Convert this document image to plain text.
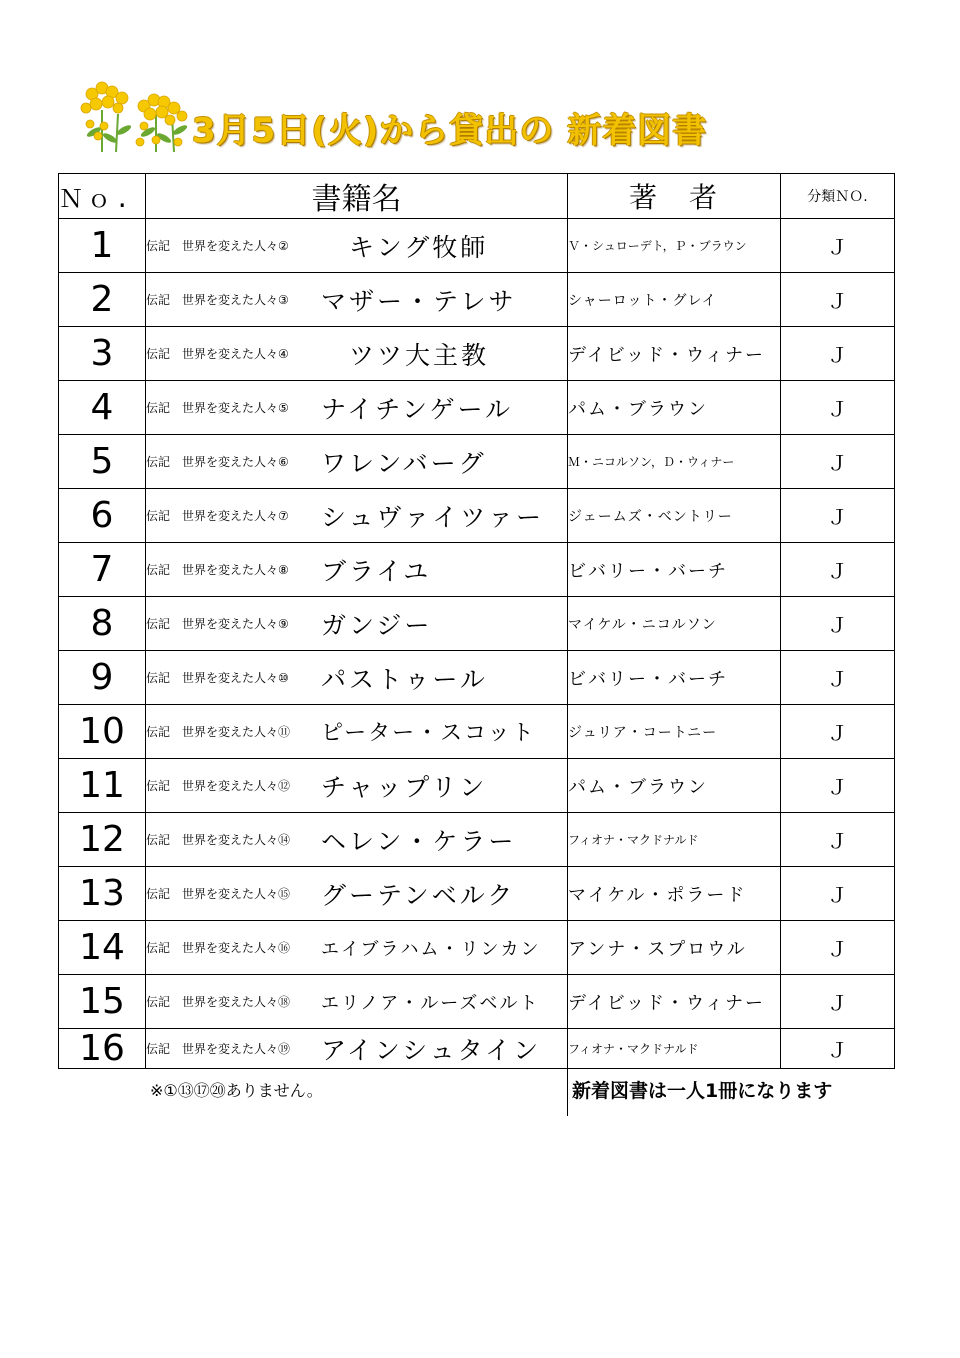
3月5日(火)から貸出の 新着図書
Ｎｏ.	書籍名	著　者	分類ＮＯ.
1	伝記　世界を変えた人々②　キング牧師	Ｖ・シュローデト，Ｐ・ブラウン	Ｊ
2	伝記　世界を変えた人々③ マザー・テレサ	シャーロット・グレイ	Ｊ
3	伝記　世界を変えた人々④　ツツ大主教	デイビッド・ウィナー	Ｊ
4	伝記　世界を変えた人々⑤ ナイチンゲール	パム・ブラウン	Ｊ
5	伝記　世界を変えた人々⑥ ワレンバーグ	Ｍ・ニコルソン，Ｄ・ウィナー	Ｊ
6	伝記　世界を変えた人々⑦ シュヴァイツァー	ジェームズ・ベントリー	Ｊ
7	伝記　世界を変えた人々⑧ ブライユ	ビバリー・バーチ	Ｊ
8	伝記　世界を変えた人々⑨ ガンジー	マイケル・ニコルソン	Ｊ
9	伝記　世界を変えた人々⑩ パストゥール	ビバリー・バーチ	Ｊ
10	伝記　世界を変えた人々⑪ ピーター・スコット	ジュリア・コートニー	Ｊ
11	伝記　世界を変えた人々⑫ チャップリン	パム・ブラウン	Ｊ
12	伝記　世界を変えた人々⑭ ヘレン・ケラー	フィオナ・マクドナルド	Ｊ
13	伝記　世界を変えた人々⑮ グーテンベルク	マイケル・ポラード	Ｊ
14	伝記　世界を変えた人々⑯ エイブラハム・リンカン	アンナ・スプロウル	Ｊ
15	伝記　世界を変えた人々⑱ エリノア・ルーズベルト	デイビッド・ウィナー	Ｊ
16	伝記　世界を変えた人々⑲ アインシュタイン	フィオナ・マクドナルド	Ｊ
※①⑬⑰⑳ありません。	新着図書は一人1冊になります
